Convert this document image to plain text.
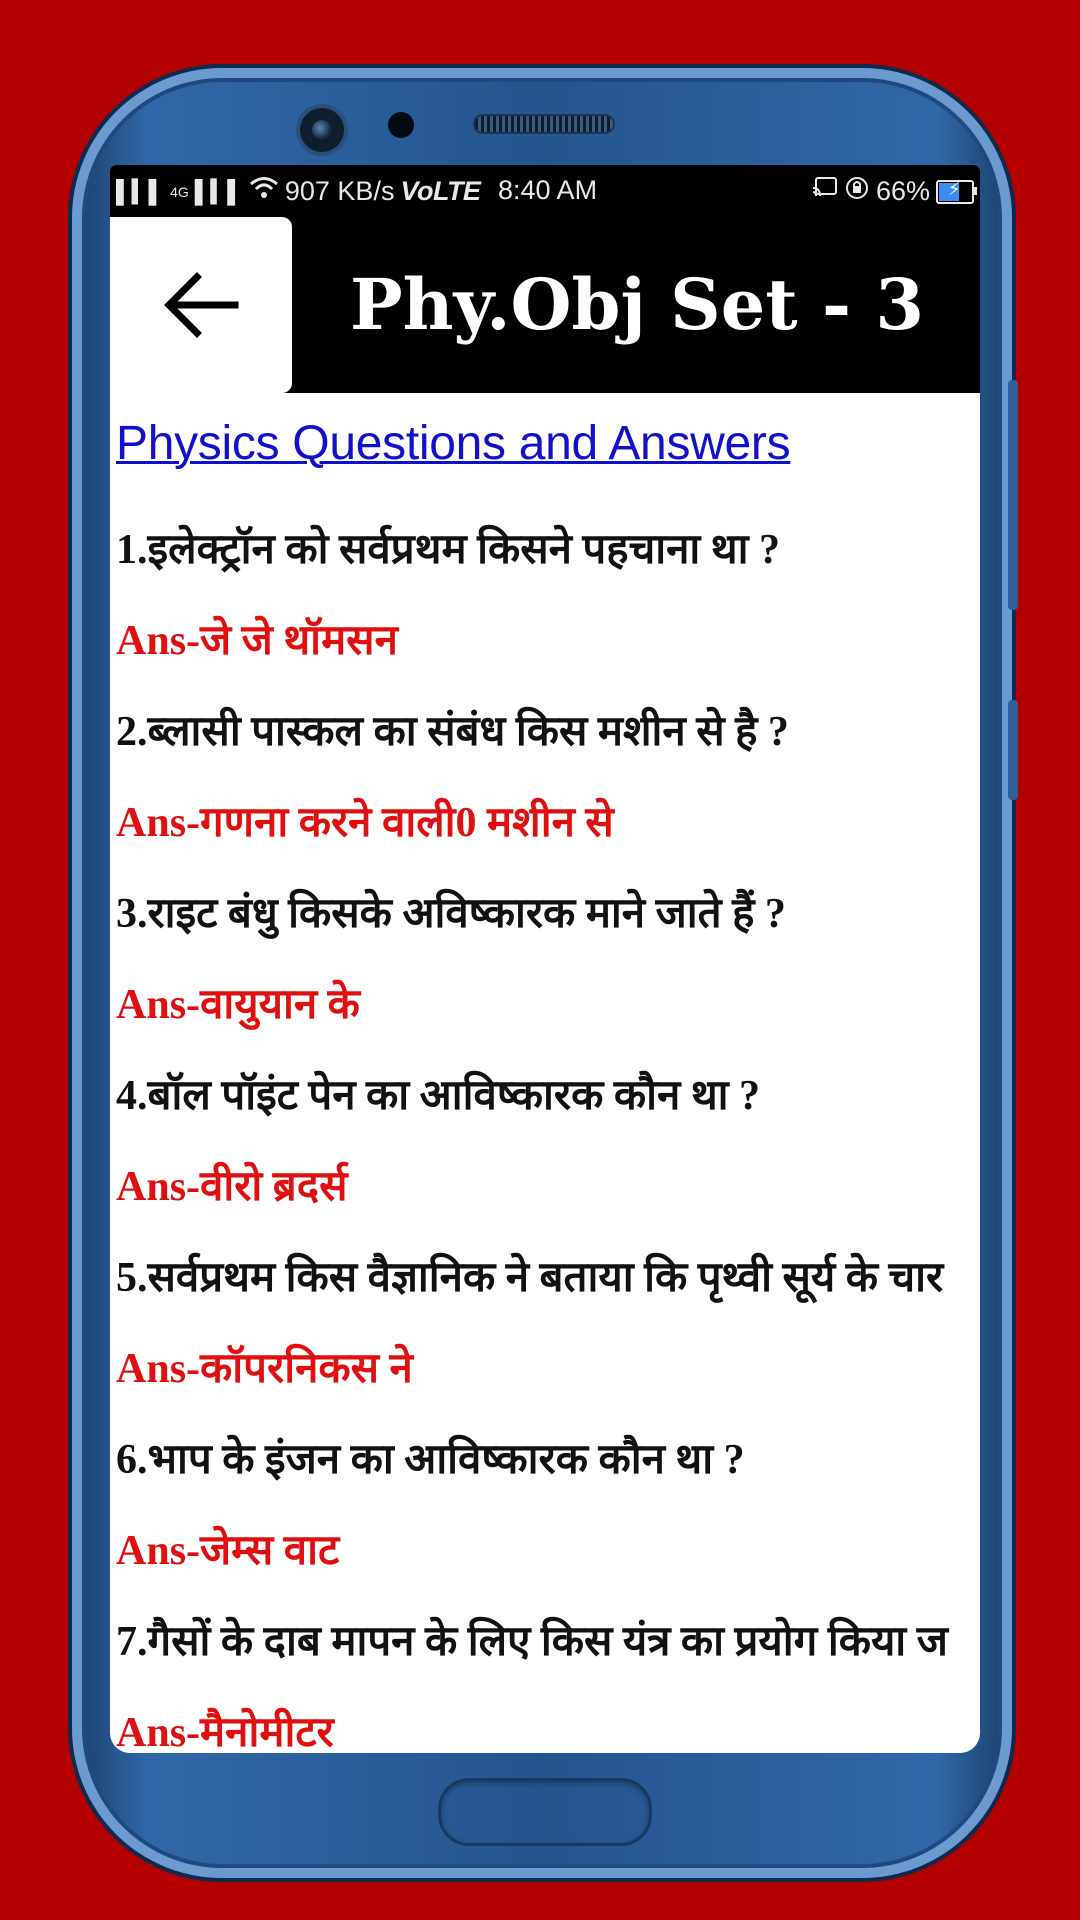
▌▍▌ 4G ▌▍▌ 907 KB/s VoLTE 8:40 AM	66% ⚡
Phy.Obj Set - 3
Physics Questions and Answers
1.इलेक्ट्रॉन को सर्वप्रथम किसने पहचाना था ?
Ans-जे जे थॉमसन
2.ब्लासी पास्कल का संबंध किस मशीन से है ?
Ans-गणना करने वाली0 मशीन से
3.राइट बंधु किसके अविष्कारक माने जाते हैं ?
Ans-वायुयान के
4.बॉल पॉइंट पेन का आविष्कारक कौन था ?
Ans-वीरो ब्रदर्स
5.सर्वप्रथम किस वैज्ञानिक ने बताया कि पृथ्वी सूर्य के चार
Ans-कॉपरनिकस ने
6.भाप के इंजन का आविष्कारक कौन था ?
Ans-जेम्स वाट
7.गैसों के दाब मापन के लिए किस यंत्र का प्रयोग किया ज
Ans-मैनोमीटर
